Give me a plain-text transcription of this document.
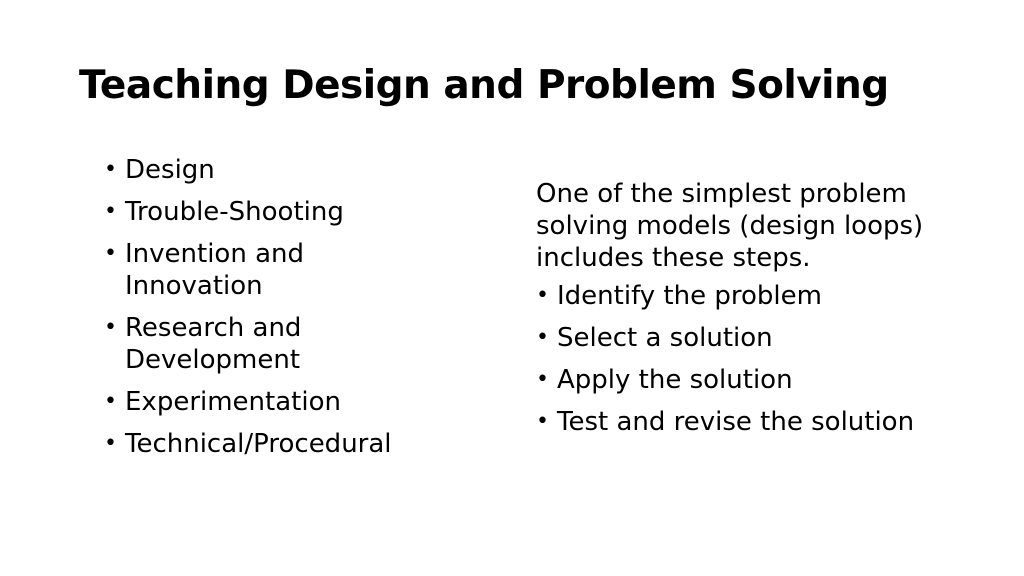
Teaching Design and Problem Solving
• Design
• Trouble-Shooting
• Invention and Innovation
• Research and Development
• Experimentation
• Technical/Procedural

One of the simplest problem solving models (design loops) includes these steps.

• Identify the problem
• Select a solution
• Apply the solution
• Test and revise the solution
